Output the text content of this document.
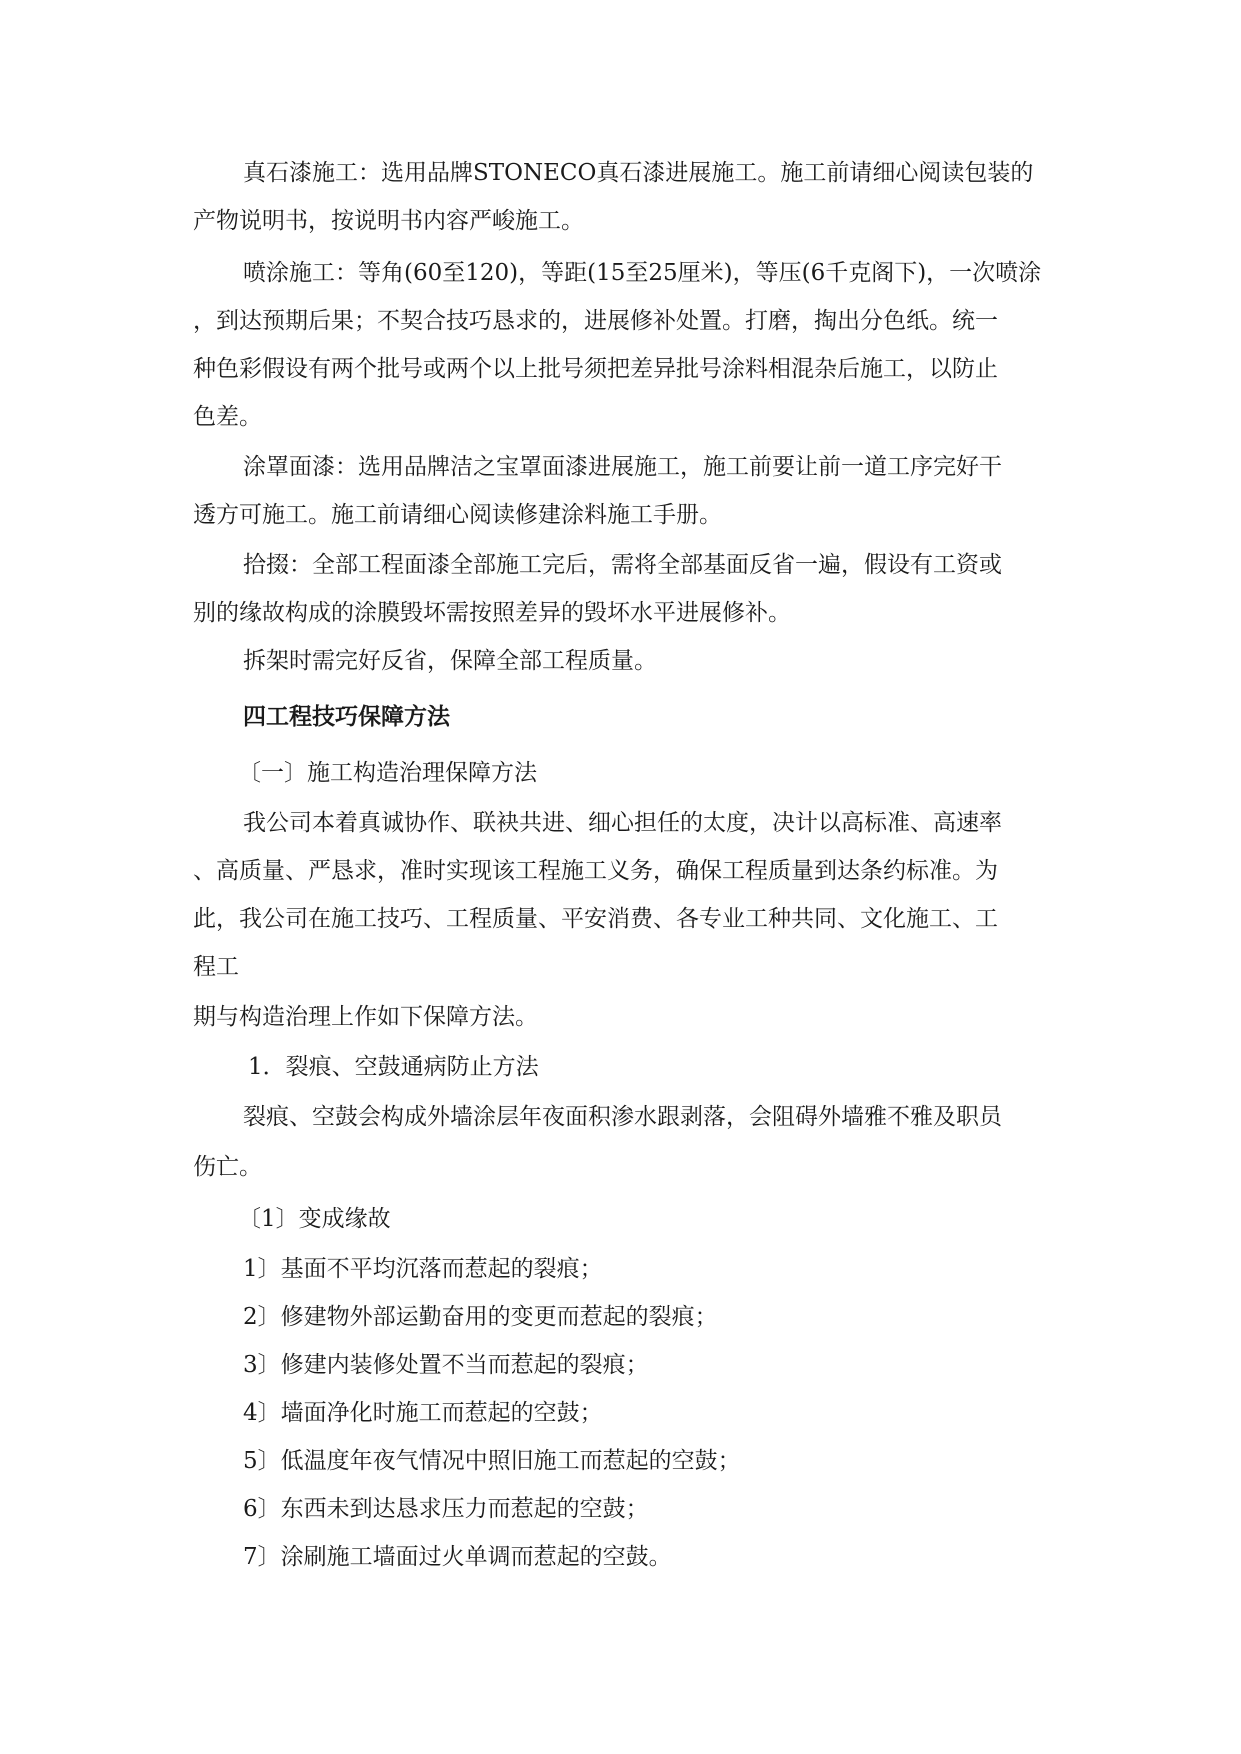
真石漆施工：选用品牌STONECO真石漆进展施工。施工前请细心阅读包装的

产物说明书，按说明书内容严峻施工。

喷涂施工：等角(60至120)，等距(15至25厘米)，等压(6千克阁下)，一次喷涂

，到达预期后果；不契合技巧恳求的，进展修补处置。打磨，掏出分色纸。统一

种色彩假设有两个批号或两个以上批号须把差异批号涂料相混杂后施工，以防止

色差。

涂罩面漆：选用品牌洁之宝罩面漆进展施工，施工前要让前一道工序完好干

透方可施工。施工前请细心阅读修建涂料施工手册。

拾掇：全部工程面漆全部施工完后，需将全部基面反省一遍，假设有工资或

别的缘故构成的涂膜毁坏需按照差异的毁坏水平进展修补。

拆架时需完好反省，保障全部工程质量。

四工程技巧保障方法

〔一〕施工构造治理保障方法

我公司本着真诚协作、联袂共进、细心担任的太度，决计以高标准、高速率

、高质量、严恳求，准时实现该工程施工义务，确保工程质量到达条约标准。为

此，我公司在施工技巧、工程质量、平安消费、各专业工种共同、文化施工、工

程工

期与构造治理上作如下保障方法。

1．裂痕、空鼓通病防止方法

裂痕、空鼓会构成外墙涂层年夜面积渗水跟剥落，会阻碍外墙雅不雅及职员

伤亡。

〔1〕变成缘故

1〕基面不平均沉落而惹起的裂痕；

2〕修建物外部运勤奋用的变更而惹起的裂痕；

3〕修建内装修处置不当而惹起的裂痕；

4〕墙面净化时施工而惹起的空鼓；

5〕低温度年夜气情况中照旧施工而惹起的空鼓；

6〕东西未到达恳求压力而惹起的空鼓；

7〕涂刷施工墙面过火单调而惹起的空鼓。
